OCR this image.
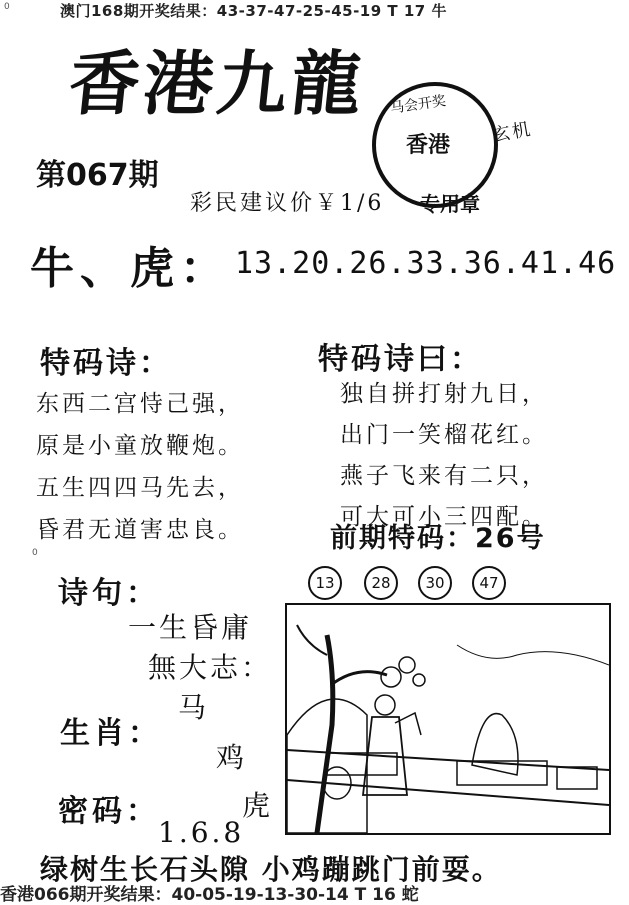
0	澳门168期开奖结果：43-37-47-25-45-19 T 17 牛
香港九龍 马会开奖
香港 玄机
第067期
彩民建议价￥1/6 专用章
牛、虎： 13.20.26.33.36.41.46
特码诗：
东西二宫恃己强，
原是小童放鞭炮。
五生四四马先去，
昏君无道害忠良。
特码诗曰：
独自拼打射九日，
出门一笑榴花红。
燕子飞来有二只，
可大可小三四配。
前期特码：26号
0
13	28	30	47
诗句：
一生昏庸
無大志：
马
生肖：
鸡
虎
密码：
1.6.8
绿树生长石头隙 小鸡蹦跳门前耍。
香港066期开奖结果：40-05-19-13-30-14 T 16 蛇
